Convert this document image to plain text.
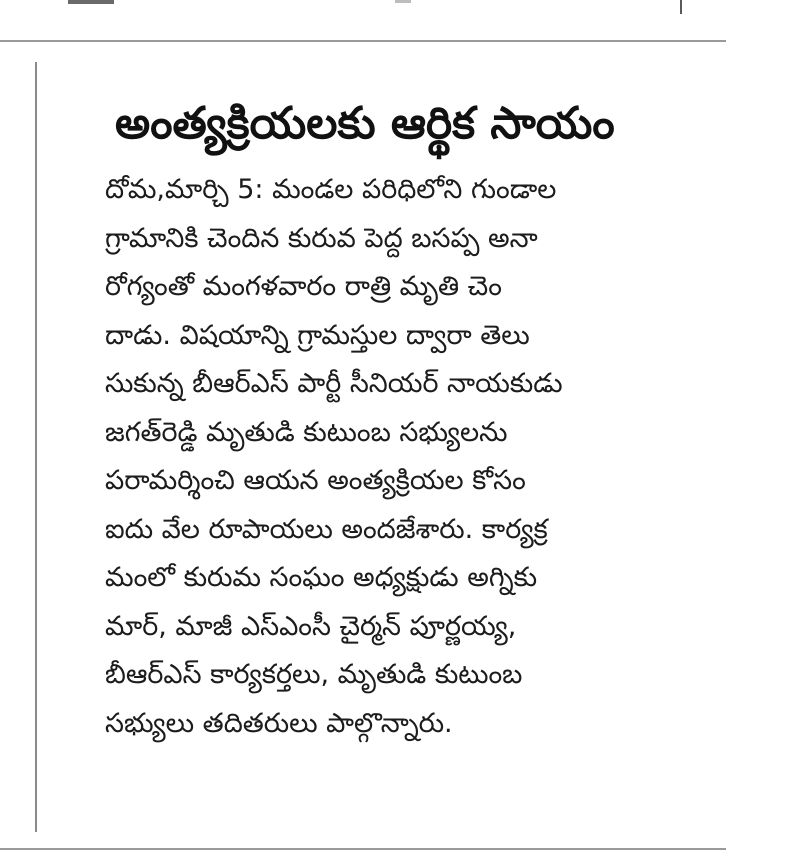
అంత్యక్రియలకు ఆర్థిక సాయం
దోమ,మార్చి 5: మండల పరిధిలోని గుండాల
గ్రామానికి చెందిన కురువ పెద్ద బసప్ప అనా
రోగ్యంతో మంగళవారం రాత్రి మృతి చెం
దాడు. విషయాన్ని గ్రామస్తుల ద్వారా తెలు
సుకున్న బీఆర్‌ఎస్ పార్టీ సీనియర్ నాయకుడు
జగత్‌రెడ్డి మృతుడి కుటుంబ సభ్యులను
పరామర్శించి ఆయన అంత్యక్రియల కోసం
ఐదు వేల రూపాయలు అందజేశారు. కార్యక్ర
మంలో కురుమ సంఘం అధ్యక్షుడు అగ్నికు
మార్, మాజీ ఎస్‌ఎంసీ చైర్మన్ పూర్ణయ్య,
బీఆర్‌ఎస్ కార్యకర్తలు, మృతుడి కుటుంబ
సభ్యులు తదితరులు పాల్గొన్నారు.
